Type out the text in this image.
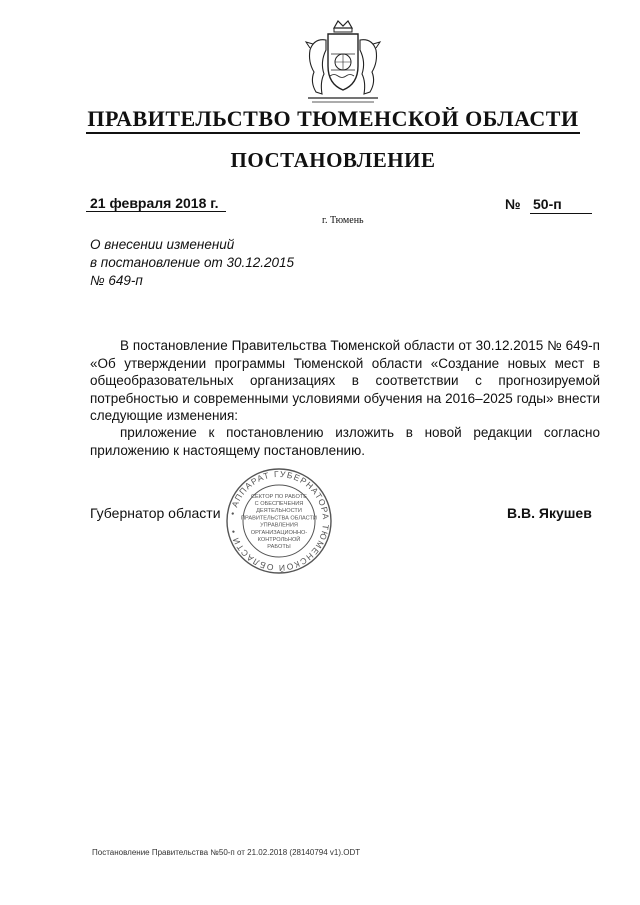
ПРАВИТЕЛЬСТВО ТЮМЕНСКОЙ ОБЛАСТИ
ПОСТАНОВЛЕНИЕ
21 февраля 2018 г.
г. Тюмень
№ 50-п
О внесении изменений
в постановление от 30.12.2015
№ 649-п
В постановление Правительства Тюменской области от 30.12.2015 № 649-п «Об утверждении программы Тюменской области «Создание новых мест в общеобразовательных организациях в соответствии с прогнозируемой потребностью и современными условиями обучения на 2016–2025 годы» внести следующие изменения:
приложение к постановлению изложить в новой редакции согласно приложению к настоящему постановлению.
Губернатор области	В.В. Якушев
• АППАРАТ ГУБЕРНАТОРА ТЮМЕНСКОЙ ОБЛАСТИ •
СЕКТОР ПО РАБОТЕ
С ОБЕСПЕЧЕНИЯ
ДЕЯТЕЛЬНОСТИ
ПРАВИТЕЛЬСТВА ОБЛАСТИ
УПРАВЛЕНИЯ
ОРГАНИЗАЦИОННО-
КОНТРОЛЬНОЙ
РАБОТЫ
Постановление Правительства №50-п от 21.02.2018 (28140794 v1).ODT
